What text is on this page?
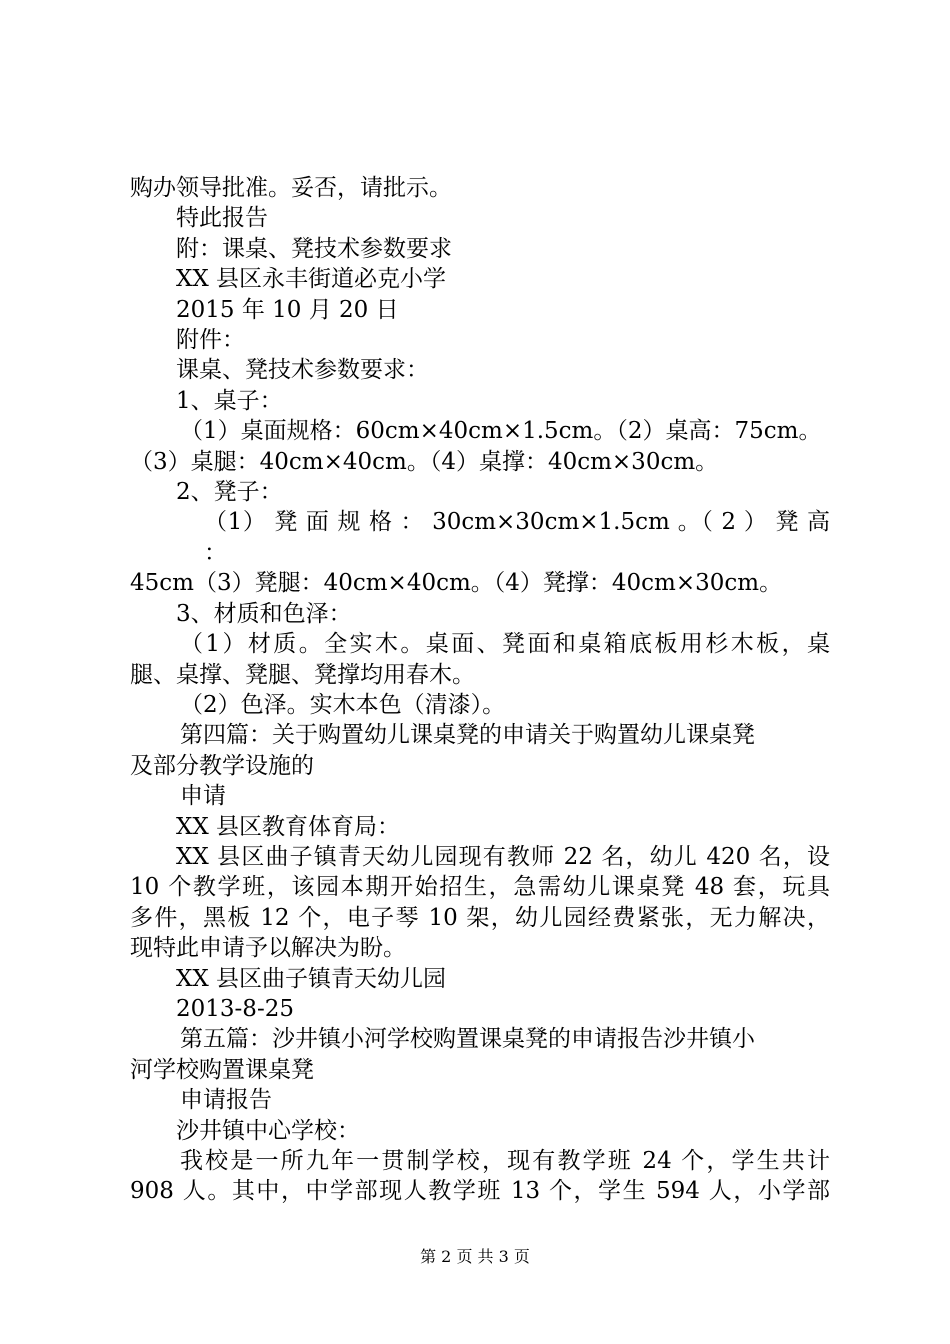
购办领导批准。妥否，请批示。
特此报告
附：课桌、凳技术参数要求
XX 县区永丰街道必克小学
2015 年 10 月 20 日
附件：
课桌、凳技术参数要求：
1、桌子：
（1）桌面规格：60cm×40cm×1.5cm。（2）桌高：75cm。
（3）桌腿：40cm×40cm。（4）桌撑：40cm×30cm。
2、凳子：
（1） 凳 面 规 格 ： 30cm×30cm×1.5cm 。（ 2 ） 凳 高 ：
45cm（3）凳腿：40cm×40cm。（4）凳撑：40cm×30cm。
3、材质和色泽：
（1）材质。全实木。桌面、凳面和桌箱底板用杉木板，桌
腿、桌撑、凳腿、凳撑均用春木。
（2）色泽。实木本色（清漆）。
第四篇：关于购置幼儿课桌凳的申请关于购置幼儿课桌凳
及部分教学设施的
申请
XX 县区教育体育局：
XX 县区曲子镇青天幼儿园现有教师 22 名，幼儿 420 名，设
10 个教学班，该园本期开始招生，急需幼儿课桌凳 48 套，玩具
多件，黑板 12 个，电子琴 10 架，幼儿园经费紧张，无力解决，
现特此申请予以解决为盼。
XX 县区曲子镇青天幼儿园
2013-8-25
第五篇：沙井镇小河学校购置课桌凳的申请报告沙井镇小
河学校购置课桌凳
申请报告
沙井镇中心学校：
我校是一所九年一贯制学校，现有教学班 24 个，学生共计
908 人。其中，中学部现人教学班 13 个，学生 594 人，小学部
第 2 页 共 3 页
